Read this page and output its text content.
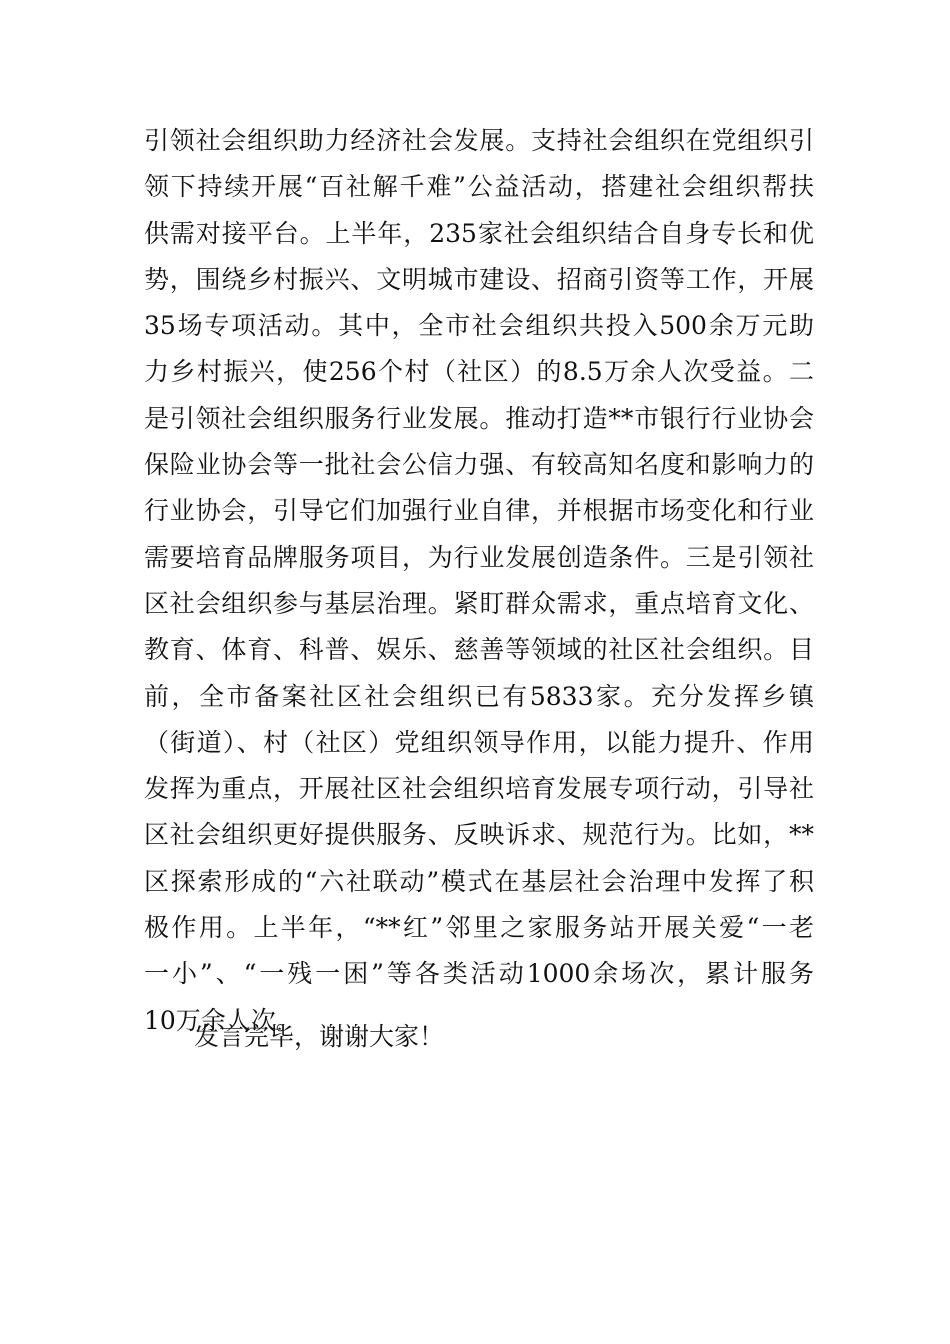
引领社会组织助力经济社会发展。支持社会组织在党组织引
领下持续开展“百社解千难”公益活动，搭建社会组织帮扶
供需对接平台。上半年，235家社会组织结合自身专长和优
势，围绕乡村振兴、文明城市建设、招商引资等工作，开展
35场专项活动。其中，全市社会组织共投入500余万元助
力乡村振兴，使256个村（社区）的8.5万余人次受益。二
是引领社会组织服务行业发展。推动打造**市银行行业协会
保险业协会等一批社会公信力强、有较高知名度和影响力的
行业协会，引导它们加强行业自律，并根据市场变化和行业
需要培育品牌服务项目，为行业发展创造条件。三是引领社
区社会组织参与基层治理。紧盯群众需求，重点培育文化、
教育、体育、科普、娱乐、慈善等领域的社区社会组织。目
前，全市备案社区社会组织已有5833家。充分发挥乡镇
（街道）、村（社区）党组织领导作用，以能力提升、作用
发挥为重点，开展社区社会组织培育发展专项行动，引导社
区社会组织更好提供服务、反映诉求、规范行为。比如，**
区探索形成的“六社联动”模式在基层社会治理中发挥了积
极作用。上半年，“**红”邻里之家服务站开展关爱“一老
一小”、“一残一困”等各类活动1000余场次，累计服务
10万余人次。
发言完毕，谢谢大家！
